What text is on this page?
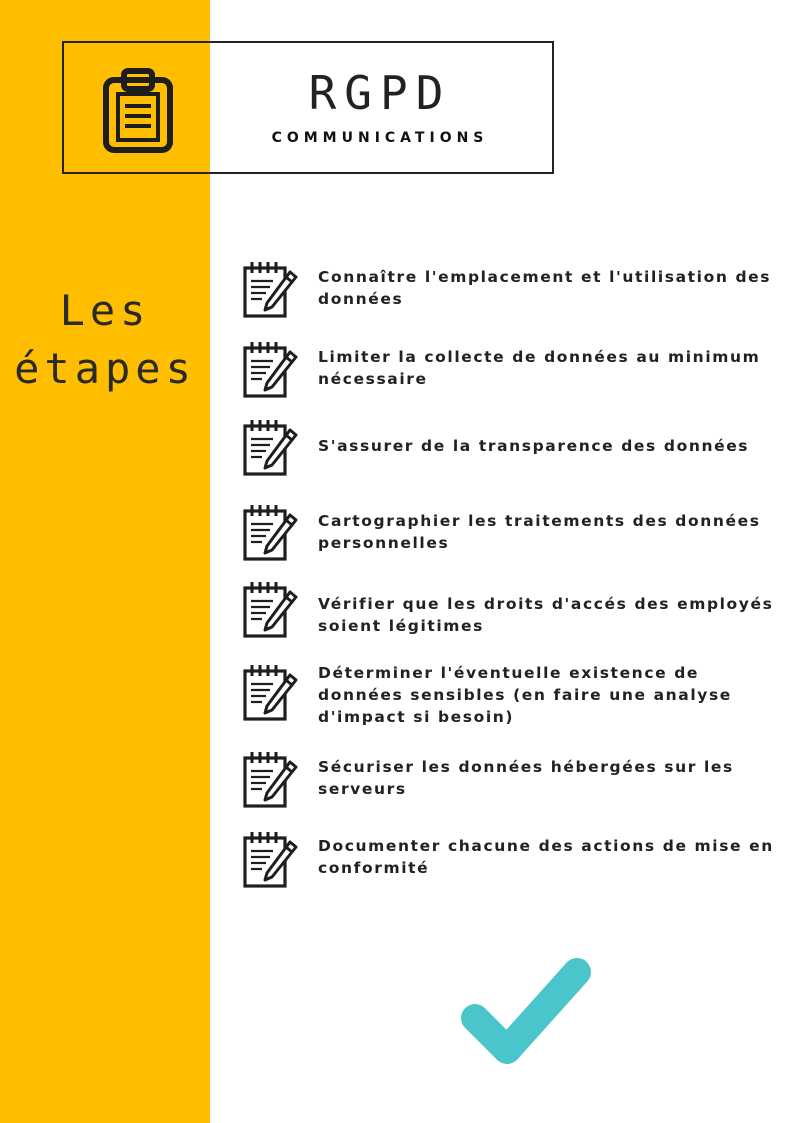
RGPD
COMMUNICATIONS
Les
étapes
Connaître l'emplacement et l'utilisation des
données
Limiter la collecte de données au minimum
nécessaire
S'assurer de la transparence des données
Cartographier les traitements des données
personnelles
Vérifier que les droits d'accés des employés
soient légitimes
Déterminer l'éventuelle existence de
données sensibles (en faire une analyse
d'impact si besoin)
Sécuriser les données hébergées sur les
serveurs
Documenter chacune des actions de mise en
conformité
